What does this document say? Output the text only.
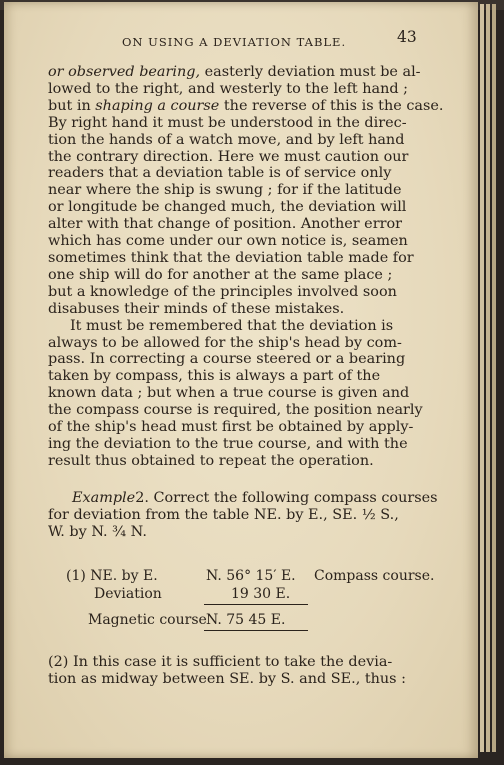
ON USING A DEVIATION TABLE.	43
or observed bearing, easterly deviation must be al-
lowed to the right, and westerly to the left hand ;
but in shaping a course the reverse of this is the case.
By right hand it must be understood in the direc-
tion the hands of a watch move, and by left hand
the contrary direction. Here we must caution our
readers that a deviation table is of service only
near where the ship is swung ; for if the latitude
or longitude be changed much, the deviation will
alter with that change of position. Another error
which has come under our own notice is, seamen
sometimes think that the deviation table made for
one ship will do for another at the same place ;
but a knowledge of the principles involved soon
disabuses their minds of these mistakes.
It must be remembered that the deviation is
always to be allowed for the ship's head by com-
pass. In correcting a course steered or a bearing
taken by compass, this is always a part of the
known data ; but when a true course is given and
the compass course is required, the position nearly
of the ship's head must first be obtained by apply-
ing the deviation to the true course, and with the
result thus obtained to repeat the operation.
Example2. Correct the following compass courses
for deviation from the table NE. by E., SE. ½ S.,
W. by N. ¾ N.
(1) NE. by E.	N. 56° 15′ E. Compass course.
Deviation	19 30 E.
Magnetic course N. 75 45 E.
(2) In this case it is sufficient to take the devia-
tion as midway between SE. by S. and SE., thus :
